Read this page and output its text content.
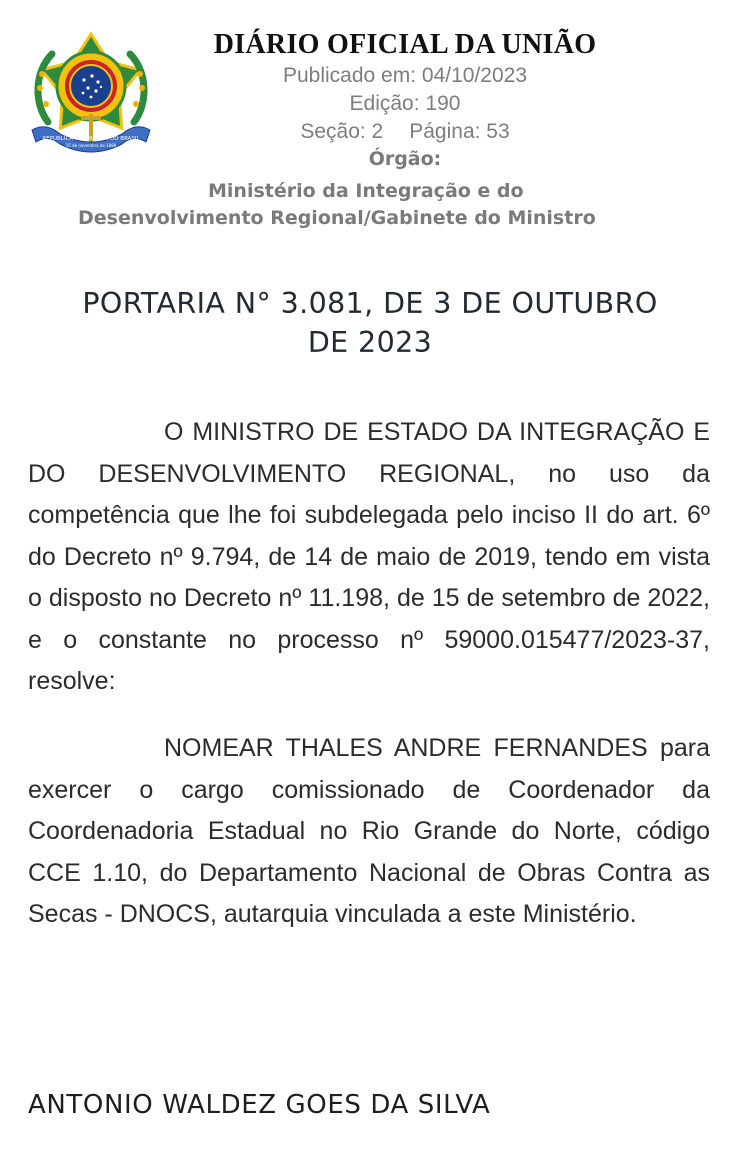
REPUBLICA FEDERATIVA DO BRASIL
15 de novembro de 1889
DIÁRIO OFICIAL DA UNIÃO
Publicado em: 04/10/2023
Edição: 190
Seção: 2 Página: 53
Órgão:
Ministério da Integração e do
Desenvolvimento Regional/Gabinete do Ministro
PORTARIA N° 3.081, DE 3 DE OUTUBRO
DE 2023
O MINISTRO DE ESTADO DA INTEGRAÇÃO E DO DESENVOLVIMENTO REGIONAL, no uso da competência que lhe foi subdelegada pelo inciso II do art. 6º do Decreto nº 9.794, de 14 de maio de 2019, tendo em vista o disposto no Decreto nº 11.198, de 15 de setembro de 2022, e o constante no processo nº 59000.015477/2023-37, resolve:
NOMEAR THALES ANDRE FERNANDES para exercer o cargo comissionado de Coordenador da Coordenadoria Estadual no Rio Grande do Norte, código CCE 1.10, do Departamento Nacional de Obras Contra as Secas - DNOCS, autarquia vinculada a este Ministério.
ANTONIO WALDEZ GOES DA SILVA
